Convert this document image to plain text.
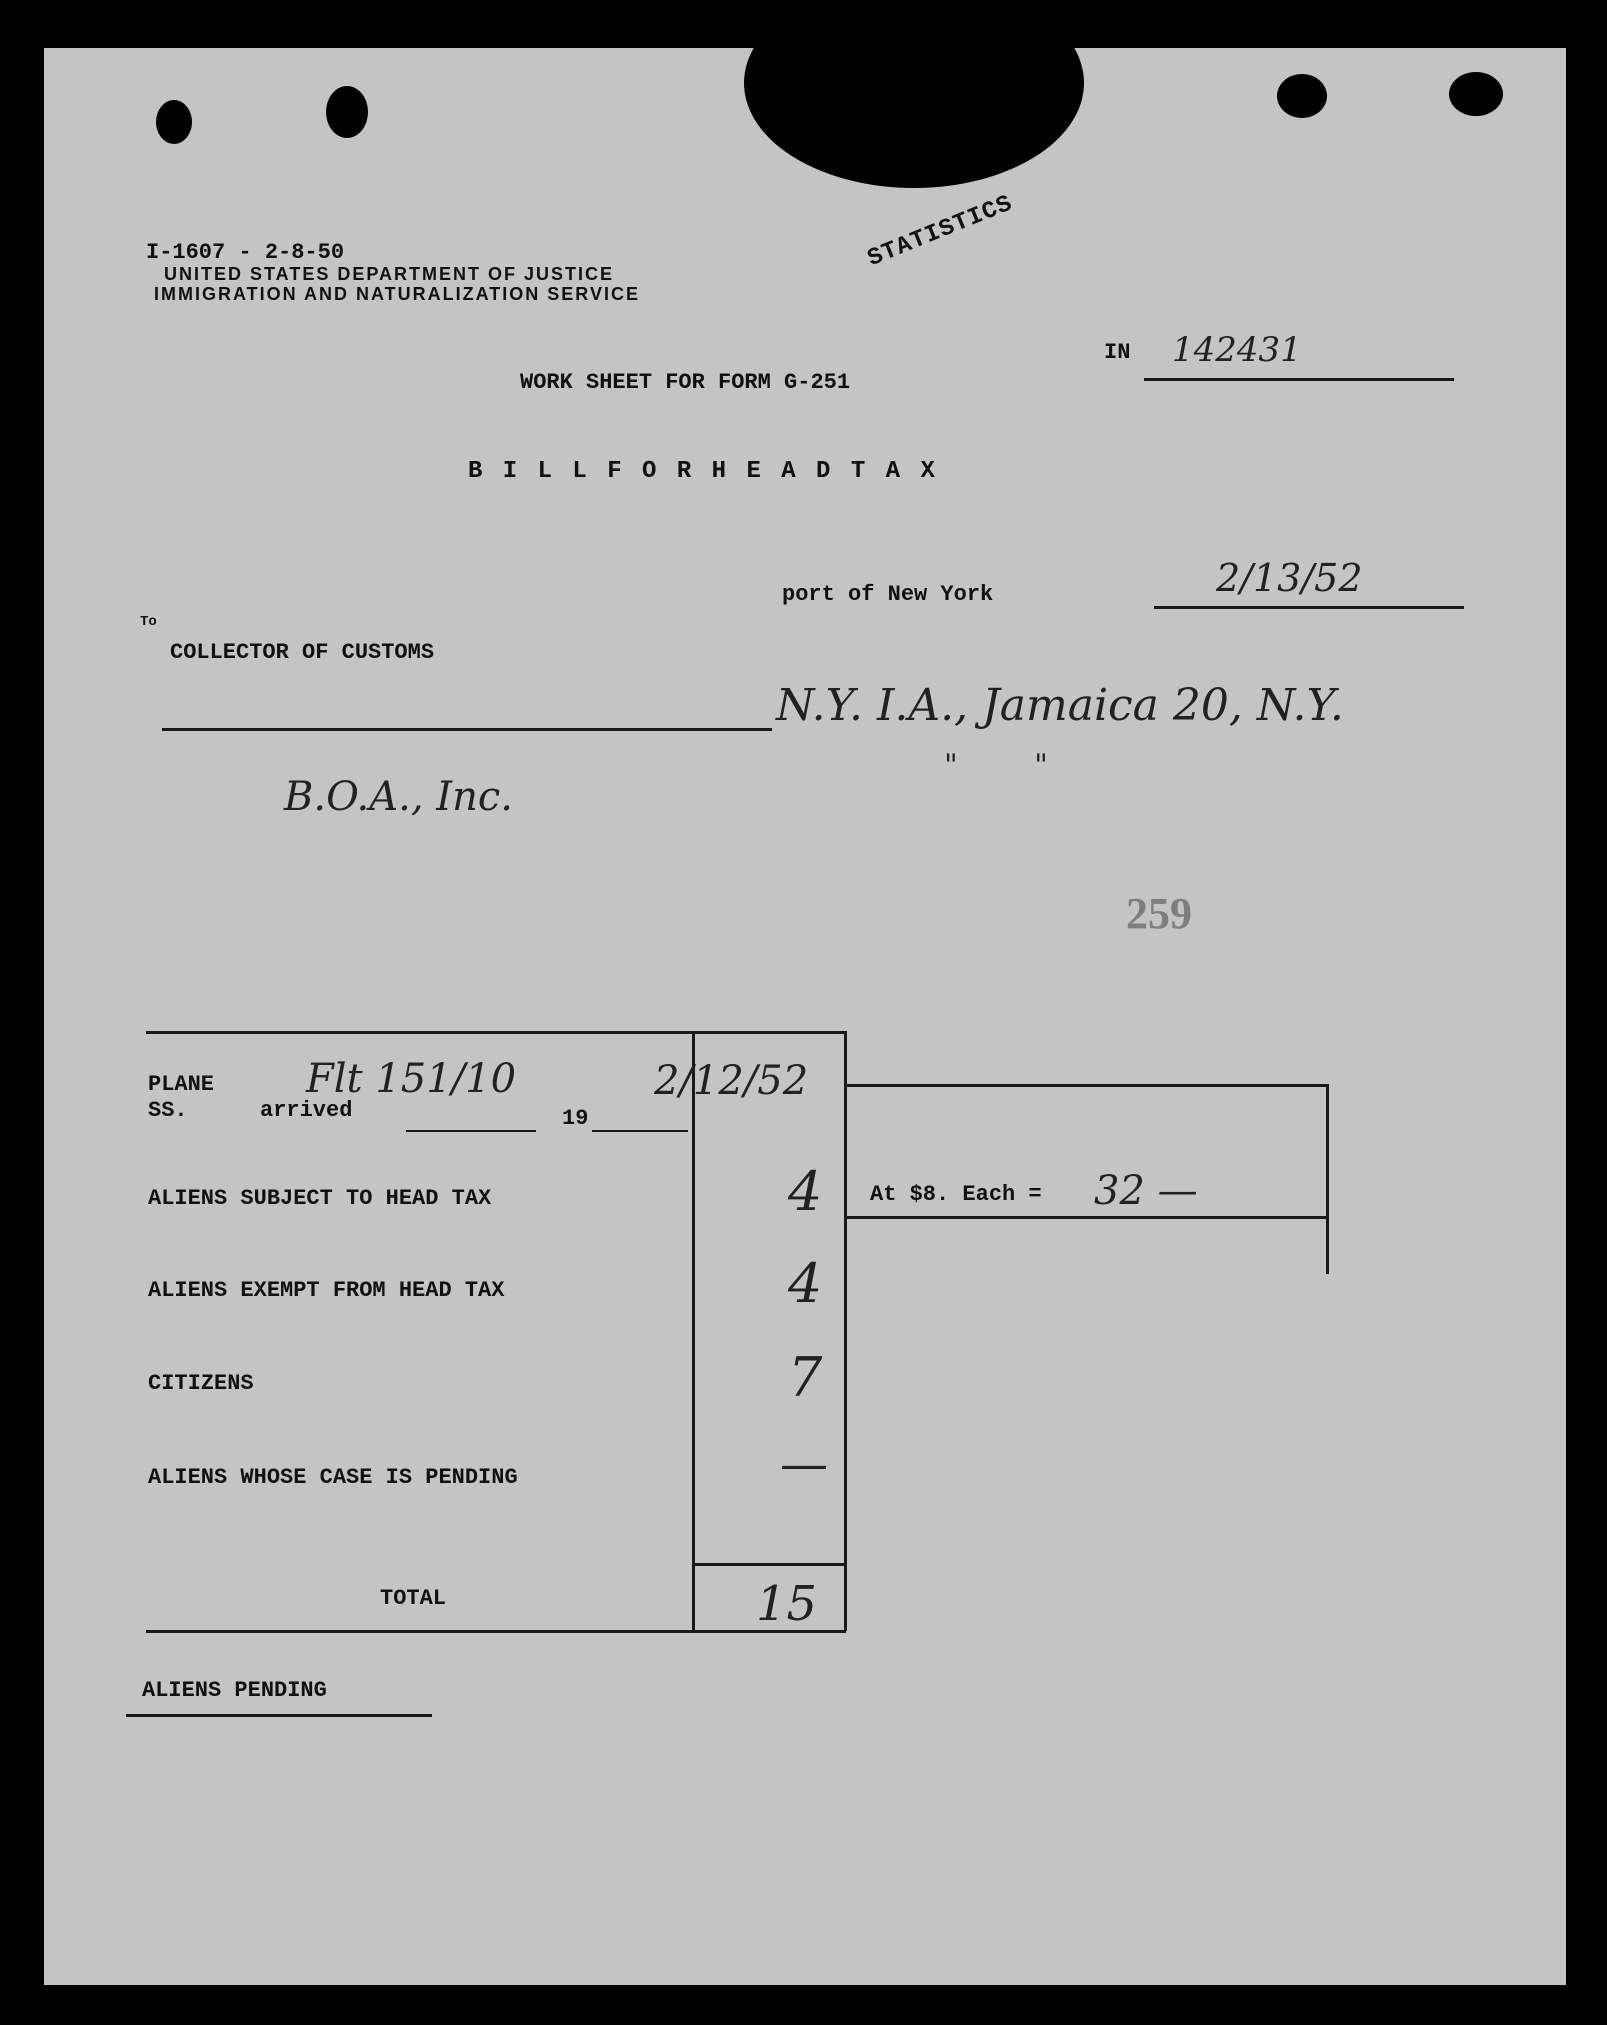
I-1607 - 2-8-50
UNITED STATES DEPARTMENT OF JUSTICE
IMMIGRATION AND NATURALIZATION SERVICE
STATISTICS
IN 142431
WORK SHEET FOR FORM G-251
B I L L F O R H E A D T A X
port of New York	2/13/52
To
COLLECTOR OF CUSTOMS
N.Y. I.A., Jamaica 20, N.Y.
"        "
B.O.A., Inc.
259
PLANE
SS.	arrived	19
Flt 151/10	2/12/52
ALIENS SUBJECT TO HEAD TAX	4
ALIENS EXEMPT FROM HEAD TAX	4
CITIZENS	7
ALIENS WHOSE CASE IS PENDING	—
TOTAL	15
At $8. Each = 32 —
ALIENS PENDING
